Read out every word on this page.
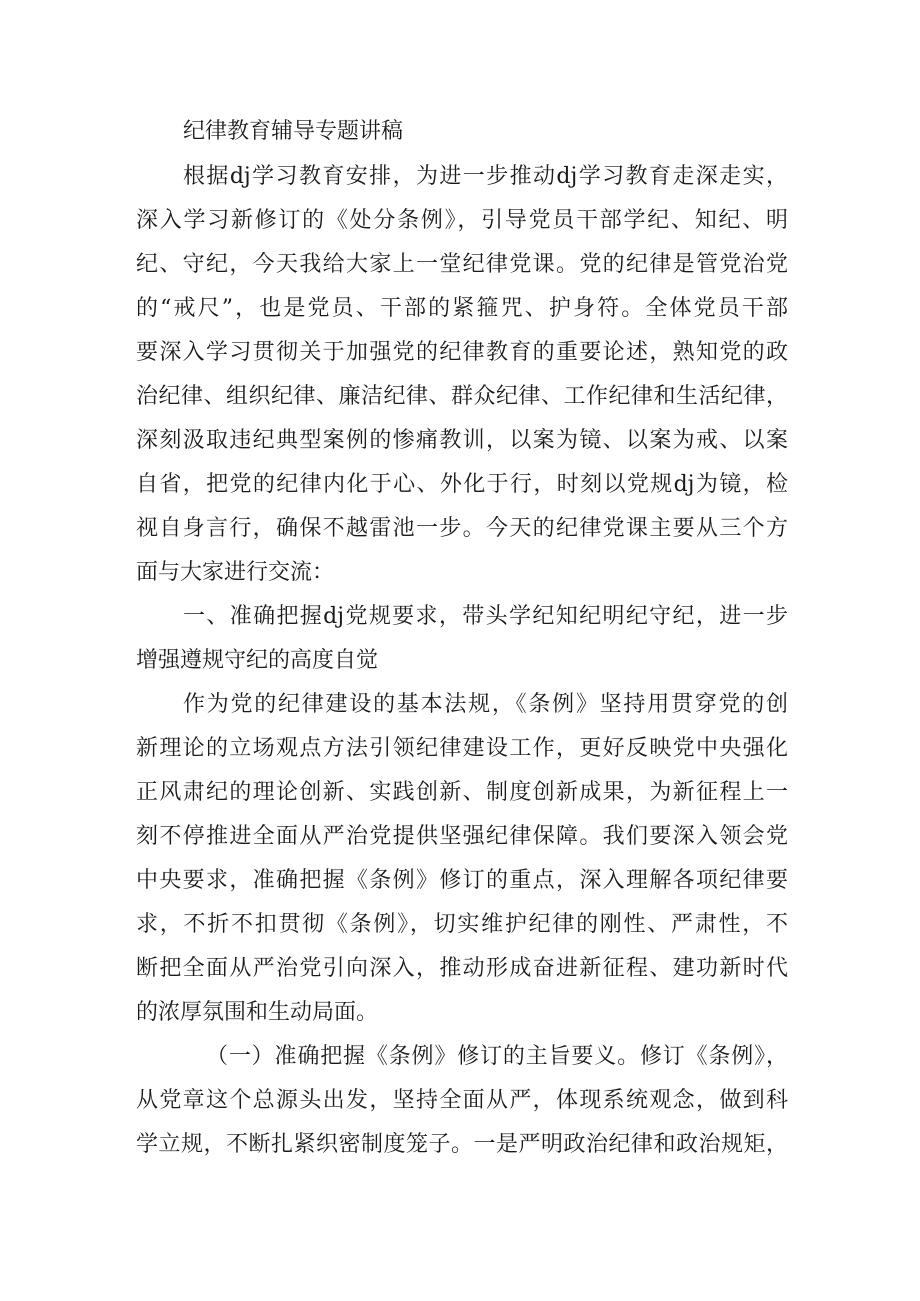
纪律教育辅导专题讲稿
根据dj学习教育安排，为进一步推动dj学习教育走深走实，
深入学习新修订的《处分条例》，引导党员干部学纪、知纪、明
纪、守纪，今天我给大家上一堂纪律党课。党的纪律是管党治党
的“戒尺”，也是党员、干部的紧箍咒、护身符。全体党员干部
要深入学习贯彻关于加强党的纪律教育的重要论述，熟知党的政
治纪律、组织纪律、廉洁纪律、群众纪律、工作纪律和生活纪律，
深刻汲取违纪典型案例的惨痛教训，以案为镜、以案为戒、以案
自省，把党的纪律内化于心、外化于行，时刻以党规dj为镜，检
视自身言行，确保不越雷池一步。今天的纪律党课主要从三个方
面与大家进行交流：
一、准确把握dj党规要求，带头学纪知纪明纪守纪，进一步
增强遵规守纪的高度自觉
作为党的纪律建设的基本法规，《条例》坚持用贯穿党的创
新理论的立场观点方法引领纪律建设工作，更好反映党中央强化
正风肃纪的理论创新、实践创新、制度创新成果，为新征程上一
刻不停推进全面从严治党提供坚强纪律保障。我们要深入领会党
中央要求，准确把握《条例》修订的重点，深入理解各项纪律要
求，不折不扣贯彻《条例》，切实维护纪律的刚性、严肃性，不
断把全面从严治党引向深入，推动形成奋进新征程、建功新时代
的浓厚氛围和生动局面。
（一）准确把握《条例》修订的主旨要义。修订《条例》，
从党章这个总源头出发，坚持全面从严，体现系统观念，做到科
学立规，不断扎紧织密制度笼子。一是严明政治纪律和政治规矩，
